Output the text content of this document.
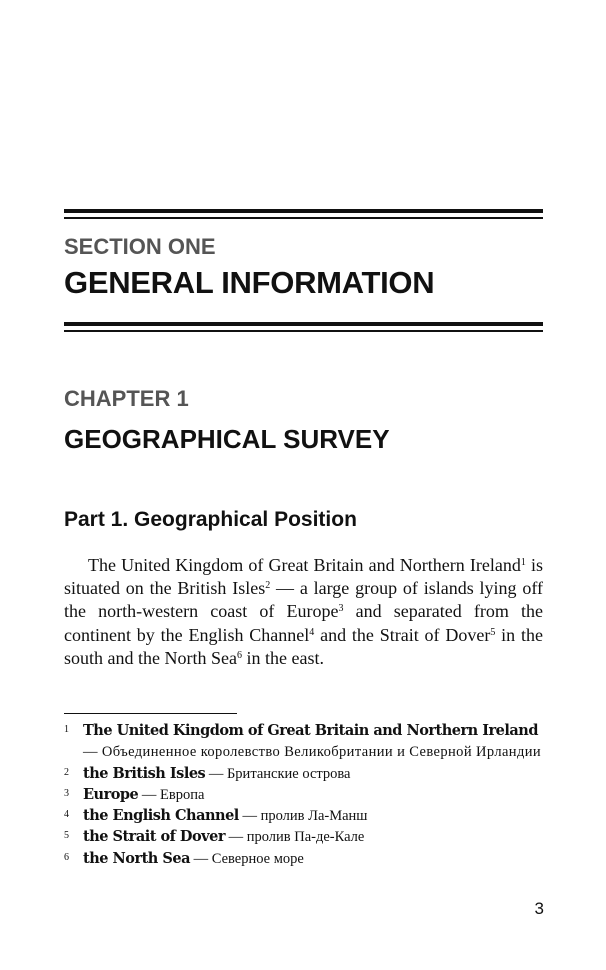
SECTION ONE
GENERAL INFORMATION
CHAPTER 1
GEOGRAPHICAL SURVEY
Part 1. Geographical Position

The United Kingdom of Great Britain and Northern Ireland$^1$ is situated on the British Isles$^2$ — a large group of islands lying off the north-western coast of Europe$^3$ and separated from the continent by the English Channel$^4$ and the Strait of Dover$^5$ in the south and the North Sea$^6$ in the east.

1 The United Kingdom of Great Britain and Northern Ireland — Объединенное королевство Великобритании и Северной Ирландии
2 the British Isles — Британские острова
3 Europe — Европа
4 the English Channel — пролив Ла-Манш
5 the Strait of Dover — пролив Па-де-Кале
6 the North Sea — Северное море
3
